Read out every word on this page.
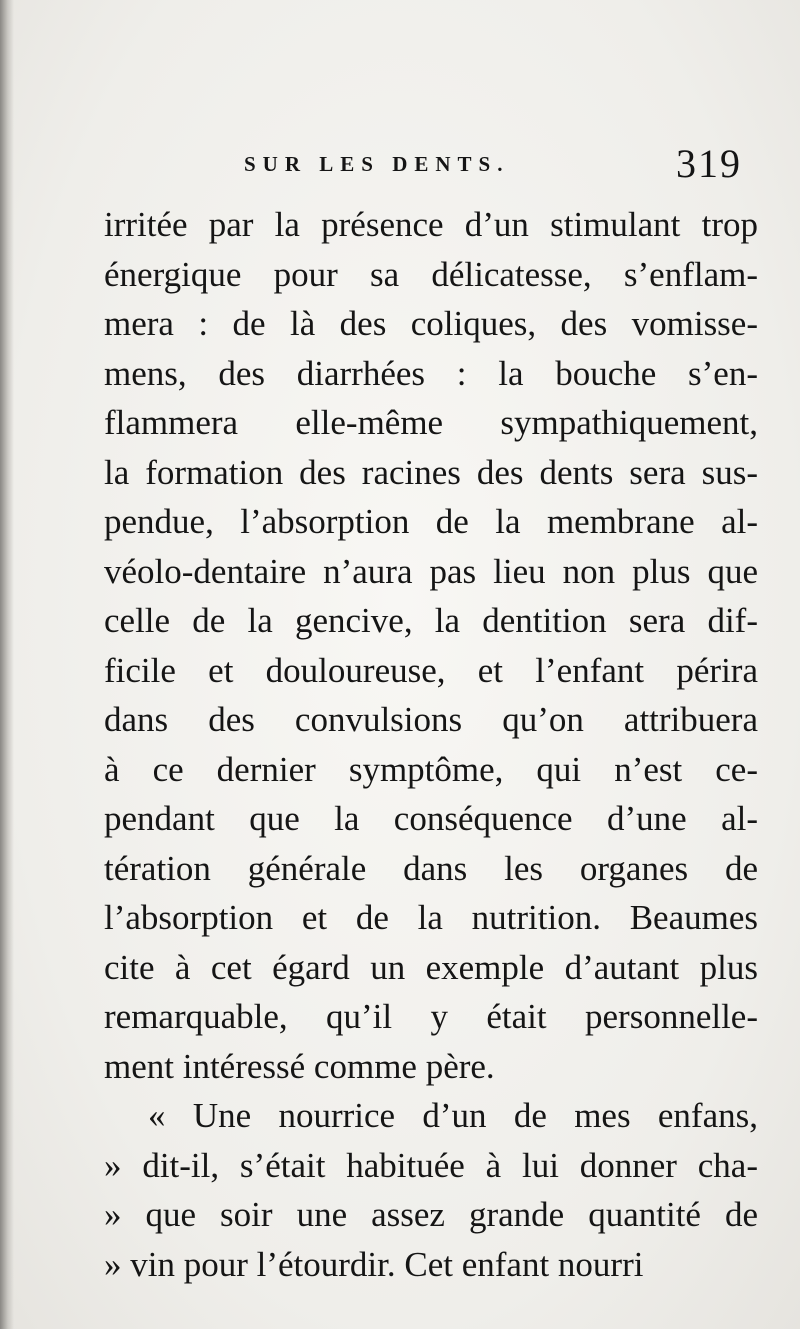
SUR LES DENTS.	319
irritée par la présence d’un stimulant trop
énergique pour sa délicatesse, s’enflam-
mera : de là des coliques, des vomisse-
mens, des diarrhées : la bouche s’en-
flammera elle-même sympathiquement,
la formation des racines des dents sera sus-
pendue, l’absorption de la membrane al-
véolo-dentaire n’aura pas lieu non plus que
celle de la gencive, la dentition sera dif-
ficile et douloureuse, et l’enfant périra
dans des convulsions qu’on attribuera
à ce dernier symptôme, qui n’est ce-
pendant que la conséquence d’une al-
tération générale dans les organes de
l’absorption et de la nutrition. Beaumes
cite à cet égard un exemple d’autant plus
remarquable, qu’il y était personnelle-
ment intéressé comme père.
« Une nourrice d’un de mes enfans,
» dit-il, s’était habituée à lui donner cha-
» que soir une assez grande quantité de
» vin pour l’étourdir. Cet enfant nourri
